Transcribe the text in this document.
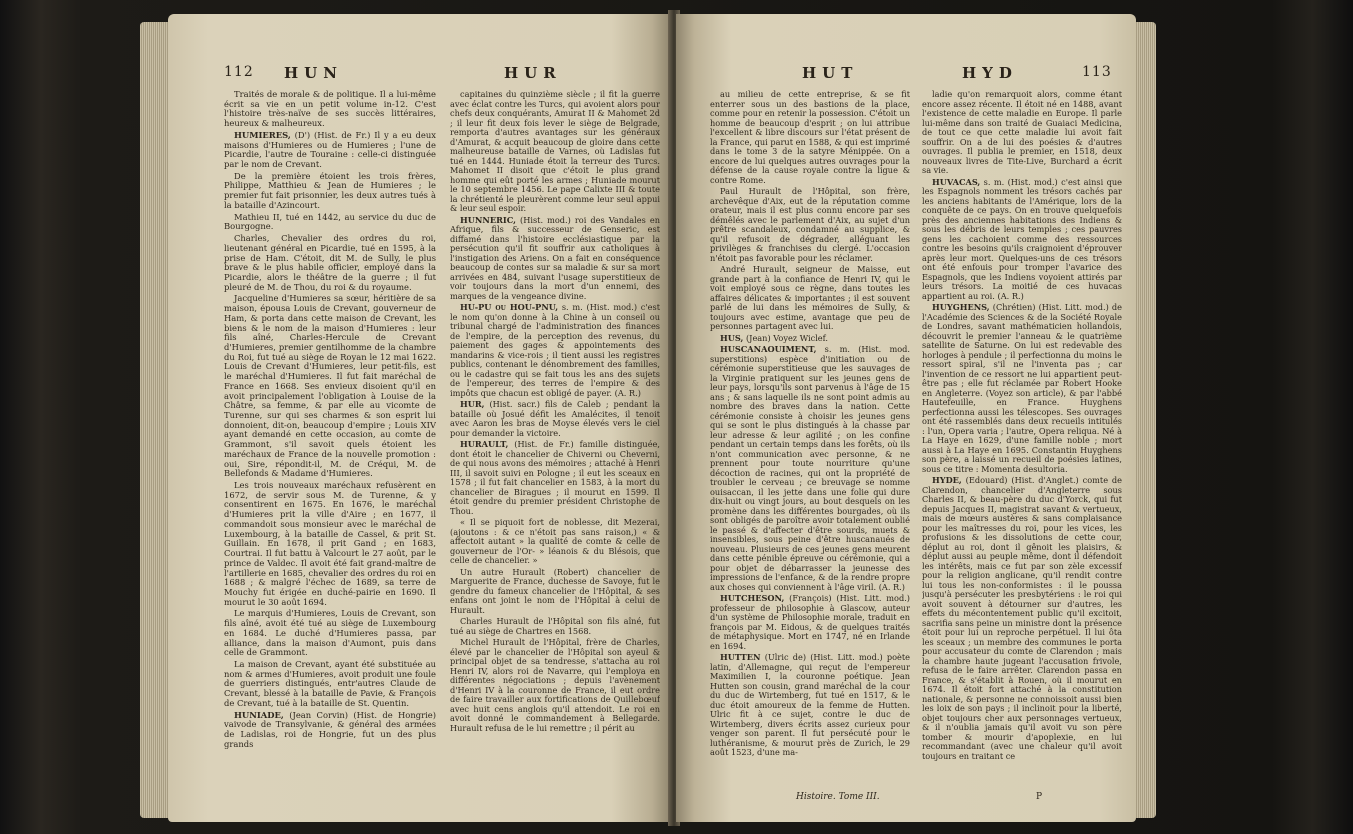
112 HUN	HUR

Traités de morale & de politique. Il a lui-même écrit sa vie en un petit volume in-12. C'est l'histoire très-naïve de ses succès littéraires, heureux & malheureux.

HUMIERES, (D') (Hist. de Fr.) Il y a eu deux maisons d'Humieres ou de Humieres ; l'une de Picardie, l'autre de Touraine : celle-ci distinguée par le nom de Crevant.

De la première étoient les trois frères, Philippe, Matthieu & Jean de Humieres ; le premier fut fait prisonnier, les deux autres tués à la bataille d'Azincourt.

Mathieu II, tué en 1442, au service du duc de Bourgogne.

Charles, Chevalier des ordres du roi, lieutenant général en Picardie, tué en 1595, à la prise de Ham. C'étoit, dit M. de Sully, le plus brave & le plus habile officier, employé dans la Picardie, alors le théâtre de la guerre ; il fut pleuré de M. de Thou, du roi & du royaume.

Jacqueline d'Humieres sa sœur, héritière de sa maison, épousa Louis de Crevant, gouverneur de Ham, & porta dans cette maison de Crevant, les biens & le nom de la maison d'Humieres : leur fils aîné, Charles-Hercule de Crevant d'Humieres, premier gentilhomme de la chambre du Roi, fut tué au siège de Royan le 12 mai 1622. Louis de Crevant d'Humieres, leur petit-fils, est le maréchal d'Humieres. Il fut fait maréchal de France en 1668. Ses envieux disoient qu'il en avoit principalement l'obligation à Louise de la Châtre, sa femme, & par elle au vicomte de Turenne, sur qui ses charmes & son esprit lui donnoient, dit-on, beaucoup d'empire ; Louis XIV ayant demandé en cette occasion, au comte de Grammont, s'il savoit quels étoient les maréchaux de France de la nouvelle promotion : oui, Sire, répondit-il, M. de Créqui, M. de Bellefonds & Madame d'Humieres.

Les trois nouveaux maréchaux refusèrent en 1672, de servir sous M. de Turenne, & y consentirent en 1675. En 1676, le maréchal d'Humieres prit la ville d'Aire ; en 1677, il commandoit sous monsieur avec le maréchal de Luxembourg, à la bataille de Cassel, & prit St. Guillain. En 1678, il prit Gand ; en 1683, Courtrai. Il fut battu à Valcourt le 27 août, par le prince de Valdec. Il avoit été fait grand-maître de l'artillerie en 1685, chevalier des ordres du roi en 1688 ; & malgré l'échec de 1689, sa terre de Mouchy fut érigée en duché-pairie en 1690. Il mourut le 30 août 1694.

Le marquis d'Humieres, Louis de Crevant, son fils aîné, avoit été tué au siège de Luxembourg en 1684. Le duché d'Humieres passa, par alliance, dans la maison d'Aumont, puis dans celle de Grammont.

La maison de Crevant, ayant été substituée au nom & armes d'Humieres, avoit produit une foule de guerriers distingués, entr'autres Claude de Crevant, blessé à la bataille de Pavie, & François de Crevant, tué à la bataille de St. Quentin.

HUNIADE, (Jean Corvin) (Hist. de Hongrie) vaivode de Transylvanie, & général des armées de Ladislas, roi de Hongrie, fut un des plus grands

capitaines du quinzième siècle ; il fit la guerre avec éclat contre les Turcs, qui avoient alors pour chefs deux conquérants, Amurat II & Mahomet 2d ; il leur fit deux fois lever le siège de Belgrade, remporta d'autres avantages sur les généraux d'Amurat, & acquit beaucoup de gloire dans cette malheureuse bataille de Varnes, où Ladislas fut tué en 1444. Huniade étoit la terreur des Turcs. Mahomet II disoit que c'étoit le plus grand homme qui eût porté les armes ; Huniade mourut le 10 septembre 1456. Le pape Calixte III & toute la chrétienté le pleurèrent comme leur seul appui & leur seul espoir.

HUNNERIC, (Hist. mod.) roi des Vandales en Afrique, fils & successeur de Genseric, est diffamé dans l'histoire ecclésiastique par la persécution qu'il fit souffrir aux catholiques à l'instigation des Ariens. On a fait en conséquence beaucoup de contes sur sa maladie & sur sa mort arrivées en 484, suivant l'usage superstitieux de voir toujours dans la mort d'un ennemi, des marques de la vengeance divine.

HU-PU ou HOU-PNU, s. m. (Hist. mod.) c'est le nom qu'on donne à la Chine à un conseil ou tribunal chargé de l'administration des finances de l'empire, de la perception des revenus, du paiement des gages & appointements des mandarins & vice-rois ; il tient aussi les registres publics, contenant le dénombrement des familles, ou le cadastre qui se fait tous les ans des sujets de l'empereur, des terres de l'empire & des impôts que chacun est obligé de payer. (A. R.)

HUR, (Hist. sacr.) fils de Caleb ; pendant la bataille où Josué défit les Amalécites, il tenoit avec Aaron les bras de Moyse élevés vers le ciel pour demander la victoire.

HURAULT, (Hist. de Fr.) famille distinguée, dont étoit le chancelier de Chiverni ou Cheverni, de qui nous avons des mémoires ; attaché à Henri III, il savoit suivi en Pologne ; il eut les sceaux en 1578 ; il fut fait chancelier en 1583, à la mort du chancelier de Biragues ; il mourut en 1599. Il étoit gendre du premier président Christophe de Thou.

« Il se piquoit fort de noblesse, dit Mezerai, (ajoutons : & ce n'étoit pas sans raison,) « & affectoit autant » la qualité de comte & celle de gouverneur de l'Or- » léanois & du Blésois, que celle de chancelier. »

Un autre Hurault (Robert) chancelier de Marguerite de France, duchesse de Savoye, fut le gendre du fameux chancelier de l'Hôpital, & ses enfans ont joint le nom de l'Hôpital à celui de Hurault.

Charles Hurault de l'Hôpital son fils aîné, fut tué au siège de Chartres en 1568.

Michel Hurault de l'Hôpital, frère de Charles, élevé par le chancelier de l'Hôpital son ayeul & principal objet de sa tendresse, s'attacha au roi Henri IV, alors roi de Navarre, qui l'employa en différentes négociations ; depuis l'avènement d'Henri IV à la couronne de France, il eut ordre de faire travailler aux fortifications de Quillebœuf avec huit cens anglois qu'il attendoit. Le roi en avoit donné le commandement à Bellegarde. Hurault refusa de le lui remettre ; il périt au

HUT	HYD	113

au milieu de cette entreprise, & se fit enterrer sous un des bastions de la place, comme pour en retenir la possession. C'étoit un homme de beaucoup d'esprit ; on lui attribue l'excellent & libre discours sur l'état présent de la France, qui parut en 1588, & qui est imprimé dans le tome 3 de la satyre Ménippée. On a encore de lui quelques autres ouvrages pour la défense de la cause royale contre la ligue & contre Rome.

Paul Hurault de l'Hôpital, son frère, archevêque d'Aix, eut de la réputation comme orateur, mais il est plus connu encore par ses démêlés avec le parlement d'Aix, au sujet d'un prêtre scandaleux, condamné au supplice, & qu'il refusoit de dégrader, alléguant les privilèges & franchises du clergé. L'occasion n'étoit pas favorable pour les réclamer.

André Hurault, seigneur de Maisse, eut grande part à la confiance de Henri IV, qui le voit employé sous ce règne, dans toutes les affaires délicates & importantes ; il est souvent parlé de lui dans les mémoires de Sully, & toujours avec estime, avantage que peu de personnes partagent avec lui.

HUS, (Jean) Voyez Wiclef.

HUSCANAOUIMENT, s. m. (Hist. mod. superstitions) espèce d'initiation ou de cérémonie superstitieuse que les sauvages de la Virginie pratiquent sur les jeunes gens de leur pays, lorsqu'ils sont parvenus à l'âge de 15 ans ; & sans laquelle ils ne sont point admis au nombre des braves dans la nation. Cette cérémonie consiste à choisir les jeunes gens qui se sont le plus distingués à la chasse par leur adresse & leur agilité ; on les confine pendant un certain temps dans les forêts, où ils n'ont communication avec personne, & ne prennent pour toute nourriture qu'une décoction de racines, qui ont la propriété de troubler le cerveau ; ce breuvage se nomme ouisaccan, il les jette dans une folie qui dure dix-huit ou vingt jours, au bout desquels on les promène dans les différentes bourgades, où ils sont obligés de paroître avoir totalement oublié le passé & d'affecter d'être sourds, muets & insensibles, sous peine d'être huscanaués de nouveau. Plusieurs de ces jeunes gens meurent dans cette pénible épreuve ou cérémonie, qui a pour objet de débarrasser la jeunesse des impressions de l'enfance, & de la rendre propre aux choses qui conviennent à l'âge viril. (A. R.)

HUTCHESON, (François) (Hist. Litt. mod.) professeur de philosophie à Glascow, auteur d'un système de Philosophie morale, traduit en françois par M. Eidous, & de quelques traités de métaphysique. Mort en 1747, né en Irlande en 1694.

HUTTEN (Ulric de) (Hist. Litt. mod.) poète latin, d'Allemagne, qui reçut de l'empereur Maximilien I, la couronne poétique. Jean Hutten son cousin, grand maréchal de la cour du duc de Wirtemberg, fut tué en 1517, & le duc étoit amoureux de la femme de Hutten. Ulric fit à ce sujet, contre le duc de Wirtemberg, divers écrits assez curieux pour venger son parent. Il fut persécuté pour le luthéranisme, & mourut près de Zurich, le 29 août 1523, d'une ma-

ladie qu'on remarquoit alors, comme étant encore assez récente. Il étoit né en 1488, avant l'existence de cette maladie en Europe. Il parle lui-même dans son traité de Guaiaci Medicina, de tout ce que cette maladie lui avoit fait souffrir. On a de lui des poésies & d'autres ouvrages. Il publia le premier, en 1518, deux nouveaux livres de Tite-Live, Burchard a écrit sa vie.

HUVACAS, s. m. (Hist. mod.) c'est ainsi que les Espagnols nomment les trésors cachés par les anciens habitants de l'Amérique, lors de la conquête de ce pays. On en trouve quelquefois près des anciennes habitations des Indiens & sous les débris de leurs temples ; ces pauvres gens les cachoient comme des ressources contre les besoins qu'ils craignoient d'éprouver après leur mort. Quelques-uns de ces trésors ont été enfouis pour tromper l'avarice des Espagnols, que les Indiens voyoient attirés par leurs trésors. La moitié de ces huvacas appartient au roi. (A. R.)

HUYGHENS, (Chrétien) (Hist. Litt. mod.) de l'Académie des Sciences & de la Société Royale de Londres, savant mathématicien hollandois, découvrit le premier l'anneau & le quatrième satellite de Saturne. On lui est redevable des horloges à pendule ; il perfectionna du moins le ressort spiral, s'il ne l'inventa pas ; car l'invention de ce ressort ne lui appartient peut-être pas ; elle fut réclamée par Robert Hooke en Angleterre. (Voyez son article), & par l'abbé Hautefeuille, en France. Huyghens perfectionna aussi les télescopes. Ses ouvrages ont été rassemblés dans deux recueils intitulés : l'un, Opera varia ; l'autre, Opera reliqua. Né à La Haye en 1629, d'une famille noble ; mort aussi à La Haye en 1695. Constantin Huyghens son père, a laissé un recueil de poésies latines, sous ce titre : Momenta desultoria.

HYDE, (Edouard) (Hist. d'Anglet.) comte de Clarendon, chancelier d'Angleterre sous Charles II, & beau-père du duc d'Yorck, qui fut depuis Jacques II, magistrat savant & vertueux, mais de mœurs austères & sans complaisance pour les maîtresses du roi, pour les vices, les profusions & les dissolutions de cette cour, déplut au roi, dont il gênoit les plaisirs, & déplut aussi au peuple même, dont il défendoit les intérêts, mais ce fut par son zèle excessif pour la religion anglicane, qu'il rendit contre lui tous les non-conformistes : il le poussa jusqu'à persécuter les presbytériens : le roi qui avoit souvent à détourner sur d'autres, les effets du mécontentement public qu'il excitoit, sacrifia sans peine un ministre dont la présence étoit pour lui un reproche perpétuel. Il lui ôta les sceaux ; un membre des communes le porta pour accusateur du comte de Clarendon ; mais la chambre haute jugeant l'accusation frivole, refusa de le faire arrêter. Clarendon passa en France, & s'établit à Rouen, où il mourut en 1674. Il étoit fort attaché à la constitution nationale, & personne ne connoissoit aussi bien les loix de son pays ; il inclinoit pour la liberté, objet toujours cher aux personnages vertueux, & il n'oublia jamais qu'il avoit vu son père tomber & mourir d'apoplexie, en lui recommandant (avec une chaleur qu'il avoit toujours en traitant ce

Histoire. Tome III.	P
